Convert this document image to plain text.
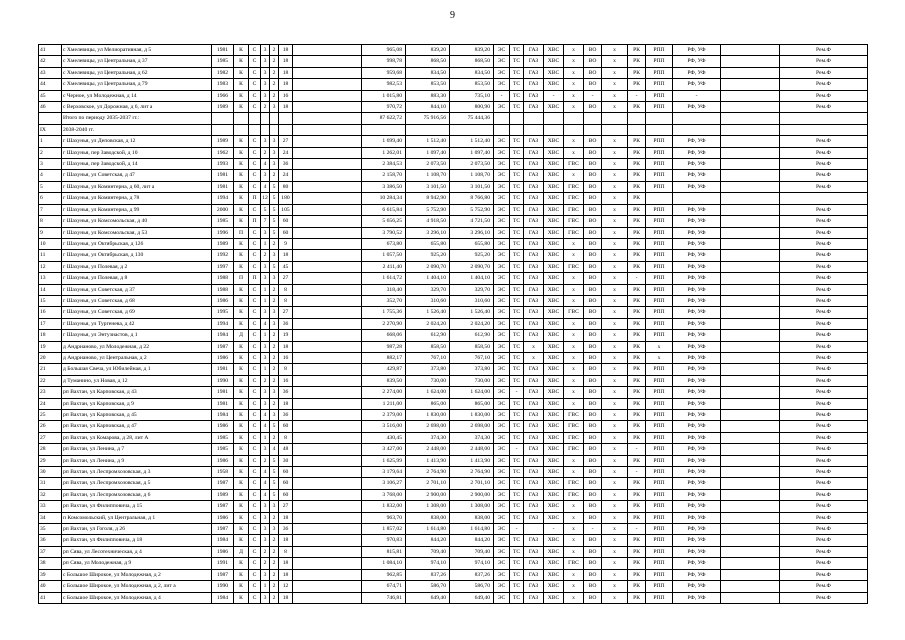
9
41	с Хмелевицы, ул Мелиоративная, д 5	1981	К	С	3	2	18		965,08	839,20	839,20	ЭС	ТС	ГАЗ	ХВС	х	ВО	х	РК	РПП	РФ, УФ		Рем.Ф
42	с Хмелевицы, ул Центральная, д 37	1985	К	С	3	2	18		998,78	868,50	868,50	ЭС	ТС	ГАЗ	ХВС	х	ВО	х	РК	РПП	РФ, УФ		Рем.Ф
43	с Хмелевицы, ул Центральная, д 62	1982	К	С	3	2	18		959,68	834,50	834,50	ЭС	ТС	ГАЗ	ХВС	х	ВО	х	РК	РПП	РФ, УФ		Рем.Ф
44	с Хмелевицы, ул Центральная, д 79	1983	К	С	3	2	18		982,53	853,50	853,50	ЭС	ТС	ГАЗ	ХВС	х	ВО	х	РК	РПП	РФ, УФ		Рем.Ф
45	с Черное, ул Молодежная, д 14	1966	К	С	3	2	16		1 015,80	883,30	735,10	-	ТС	ГАЗ	-	х	-	х	-	РПП	-		Рем.Ф
46	с Верховское, ул Дорожная, д 6, лит а	1989	К	С	2	3	18		970,72	844,10	800,90	ЭС	ТС	ГАЗ	ХВС	х	ВО	х	РК	РПП	РФ, УФ		Рем.Ф
	Итого по периоду 2035-2037 гг.:								87 622,72	75 916,56	75 444,36												
IX	2038-2040 гг.																						
1	г Шахунья, ул Деповская, д 12	1989	К	С	3	3	27		1 699,40	1 512,40	1 512,40	ЭС	ТС	ГАЗ	ХВС	х	ВО	х	РК	РПП	РФ, УФ		Рем.Ф
2	г Шахунья, пер Заводской, д 10	1962	К	С	2	3	24		1 262,01	1 097,40	1 097,40	ЭС	ТС	ГАЗ	ХВС	х	ВО	х	РК	РПП	РФ, УФ		Рем.Ф
3	г Шахунья, пер Заводской, д 14	1993	К	С	4	3	36		2 384,53	2 073,50	2 073,50	ЭС	ТС	ГАЗ	ХВС	ГВС	ВО	х	РК	РПП	РФ, УФ		Рем.Ф
4	г Шахунья, ул Советская, д 47	1981	К	С	3	2	24		2 158,70	1 108,70	1 108,70	ЭС	ТС	ГАЗ	ХВС	х	ВО	х	РК	РПП	РФ, УФ		Рем.Ф
5	г Шахунья, ул Коминтерна, д 60, лит а	1981	К	С	4	5	80		3 386,50	3 101,50	3 101,50	ЭС	ТС	ГАЗ	ХВС	ГВС	ВО	х	РК	РПП	РФ, УФ		Рем.Ф
6	г Шахунья, ул Коминтерна, д 78	1994	К	П	12	5	180		10 284,34	8 942,90	8 766,80	ЭС	ТС	ГАЗ	ХВС	ГВС	ВО	х	РК				
7	г Шахунья, ул Коминтерна, д 99	2000	К	С	5	5	105		6 615,84	5 752,90	5 752,90	ЭС	ТС	ГАЗ	ХВС	ГВС	ВО	х	РК	РПП	РФ, УФ		Рем.Ф
8	г Шахунья, ул Комсомольская, д 40	1985	К	П	7	5	60		5 656,25	4 918,50	4 721,50	ЭС	ТС	ГАЗ	ХВС	ГВС	ВО	х	РК	РПП	РФ, УФ		Рем.Ф
9	г Шахунья, ул Комсомольская, д 53	1996	П	С	3	5	60		3 790,52	3 296,10	3 296,10	ЭС	ТС	ГАЗ	ХВС	ГВС	ВО	х	РК	РПП	РФ, УФ		Рем.Ф
10	г Шахунья, ул Октябрьская, д 126	1989	К	С	1	2	9		673,80	655,80	655,80	ЭС	ТС	ГАЗ	ХВС	х	ВО	х	РК	РПП	РФ, УФ		Рем.Ф
11	г Шахунья, ул Октябрьская, д 130	1992	К	С	2	3	18		1 057,50	925,20	925,20	ЭС	ТС	ГАЗ	ХВС	х	ВО	х	РК	РПП	РФ, УФ		Рем.Ф
12	г Шахунья, ул Полевая, д 2	1997	К	С	3	5	45		2 411,40	2 090,70	2 090,70	ЭС	ТС	ГАЗ	ХВС	ГВС	ВО	х	РК	РПП	РФ, УФ		Рем.Ф
13	г Шахунья, ул Полевая, д 8	1988	П	П	3	3	27		1 614,72	1 404,10	1 404,10	ЭС	ТС	ГАЗ	ХВС	х	ВО	х	-	РПП	РФ, УФ		Рем.Ф
14	г Шахунья, ул Советская, д 37	1988	К	С	1	2	8		318,40	329,70	329,70	ЭС	ТС	ГАЗ	ХВС	х	ВО	х	РК	РПП	РФ, УФ		Рем.Ф
15	г Шахунья, ул Советская, д 68	1986	К	С	1	2	8		352,70	310,60	310,60	ЭС	ТС	ГАЗ	ХВС	х	ВО	х	РК	РПП	РФ, УФ		Рем.Ф
16	г Шахунья, ул Советская, д 69	1995	К	С	3	3	27		1 755,36	1 526,40	1 526,40	ЭС	ТС	ГАЗ	ХВС	ГВС	ВО	х	РК	РПП	РФ, УФ		Рем.Ф
17	г Шахунья, ул Тургенева, д 42	1994	К	С	4	3	36		2 270,90	2 024,20	2 024,20	ЭС	ТС	ГАЗ	ХВС	х	ВО	х	РК	РПП	РФ, УФ		Рем.Ф
18	г Шахунья, ул Энтузиастов, д 1	1984	Д	С	1	2	19		668,06	612,90	612,90	ЭС	ТС	ГАЗ	ХВС	х	ВО	х	РК	РПП	РФ, УФ		Рем.Ф
19	д Андрианово, ул Молодежная, д 22	1987	К	С	3	2	18		987,28	858,50	858,50	ЭС	ТС	х	ХВС	х	ВО	х	РК	х	РФ, УФ		Рем.Ф
20	д Андрианово, ул Центральная, д 2	1986	К	С	3	2	16		882,17	767,10	767,10	ЭС	ТС	х	ХВС	х	ВО	х	РК	х	РФ, УФ		Рем.Ф
21	д Большая Свеча, ул Юбилейная, д 1	1981	К	С	1	2	8		429,87	373,80	373,80	ЭС	ТС	ГАЗ	ХВС	х	ВО	х	РК	РПП	РФ, УФ		Рем.Ф
22	д Туманино, ул Новая, д 12	1990	К	С	2	2	16		839,50	730,00	730,00	ЭС	ТС	ГАЗ	ХВС	х	ВО	х	РК	РПП	РФ, УФ		Рем.Ф
23	рп Вахтан, ул Карповская, д 43	1981	К	С	3	3	36		2 274,00	1 624,00	1 624,00	ЭС	-	ГАЗ	ХВС	х	ВО	х	РК	РПП	РФ, УФ		Рем.Ф
24	рп Вахтан, ул Карповская, д 9	1981	К	С	3	2	18		1 211,00	865,00	865,00	ЭС	ТС	ГАЗ	ХВС	х	ВО	х	РК	РПП	РФ, УФ		Рем.Ф
25	рп Вахтан, ул Карповская, д 45	1984	К	С	4	3	36		2 379,00	1 830,00	1 830,00	ЭС	ТС	ГАЗ	ХВС	ГВС	ВО	х	РК	РПП	РФ, УФ		Рем.Ф
26	рп Вахтан, ул Карповская, д 47	1986	К	С	4	5	60		3 516,00	2 698,00	2 698,00	ЭС	ТС	ГАЗ	ХВС	ГВС	ВО	х	РК	РПП	РФ, УФ		Рем.Ф
27	рп Вахтан, ул Комарова, д 28, лит А	1985	К	С	1	2	8		430,45	374,30	374,30	ЭС	ТС	ГАЗ	ХВС	ГВС	ВО	х	РК	РПП	РФ, УФ		Рем.Ф
28	рп Вахтан, ул Ленина, д 7	1985	К	С	3	4	48		3 427,00	2 448,00	2 448,00	ЭС	-	ГАЗ	ХВС	ГВС	ВО	х	-	РПП	РФ, УФ		Рем.Ф
29	рп Вахтан, ул Ленина, д 9	1986	К	С	2	5	30		1 625,99	1 413,90	1 413,90	ЭС	ТС	ГАЗ	ХВС	х	ВО	х	РК	РПП	РФ, УФ		Рем.Ф
30	рп Вахтан, ул Леспромхозовская, д 3	1958	К	С	4	5	60		3 179,64	2 764,90	2 764,90	ЭС	ТС	ГАЗ	ХВС	х	ВО	х	-	РПП	РФ, УФ		Рем.Ф
31	рп Вахтан, ул Леспромхозовская, д 5	1987	К	С	4	5	60		3 106,27	2 701,10	2 701,10	ЭС	ТС	ГАЗ	ХВС	ГВС	ВО	х	РК	РПП	РФ, УФ		Рем.Ф
32	рп Вахтан, ул Леспромхозовская, д 6	1989	К	С	4	5	60		3 768,00	2 900,00	2 900,00	ЭС	ТС	ГАЗ	ХВС	ГВС	ВО	х	РК	РПП	РФ, УФ		Рем.Ф
33	рп Вахтан, ул Филипповича, д 15	1987	К	С	3	3	27		1 832,00	1 308,00	1 308,00	ЭС	ТС	ГАЗ	ХВС	х	ВО	х	РК	РПП	РФ, УФ		Рем.Ф
34	п Комсомольский, ул Центральная, д 1	1986	К	С	3	2	18		963,70	838,00	838,00	ЭС	ТС	ГАЗ	ХВС	х	ВО	х	РК	РПП	РФ, УФ		Рем.Ф
35	рп Вахтан, ул Гоголя, д 26	1987	К	С	3	3	36		1 857,02	1 614,80	1 614,80	ЭС	-		-	х	-	х	-	РПП	РФ, УФ		Рем.Ф
36	рп Вахтан, ул Филипповича, д 18	1984	К	С	3	2	18		970,83	844,20	844,20	ЭС	ТС	ГАЗ	ХВС	х	ВО	х	РК	РПП	РФ, УФ		Рем.Ф
37	рп Сява, ул Лесотехническая, д 4	1986	Д	С	2	2	8		815,81	709,40	709,40	ЭС	ТС	ГАЗ	ХВС	х	ВО	х	РК	РПП	РФ, УФ		Рем.Ф
38	рп Сява, ул Молодежная, д 9	1991	К	С	2	2	18		1 084,10	974,10	974,10	ЭС	ТС	ГАЗ	ХВС	ГВС	ВО	х	РК	РПП	РФ, УФ		Рем.Ф
39	с Большое Широкое, ул Молодежная, д 2	1987	К	С	3	2	18		962,85	837,26	837,26	ЭС	ТС	ГАЗ	ХВС	х	ВО	х	РК	РПП	РФ, УФ		Рем.Ф
40	с Большое Широкое, ул Молодежная, д 2, лит а	1990	К	С	1	2	12		674,71	586,70	586,70	ЭС	ТС	ГАЗ	ХВС	х	ВО	х	РК	РПП	РФ, УФ		Рем.Ф
41	с Большое Широкое, ул Молодежная, д 4	1984	К	С	3	2	18		746,81	649,40	649,40	ЭС	ТС	ГАЗ	ХВС	х	ВО	х	РК	РПП	РФ, УФ		Рем.Ф
